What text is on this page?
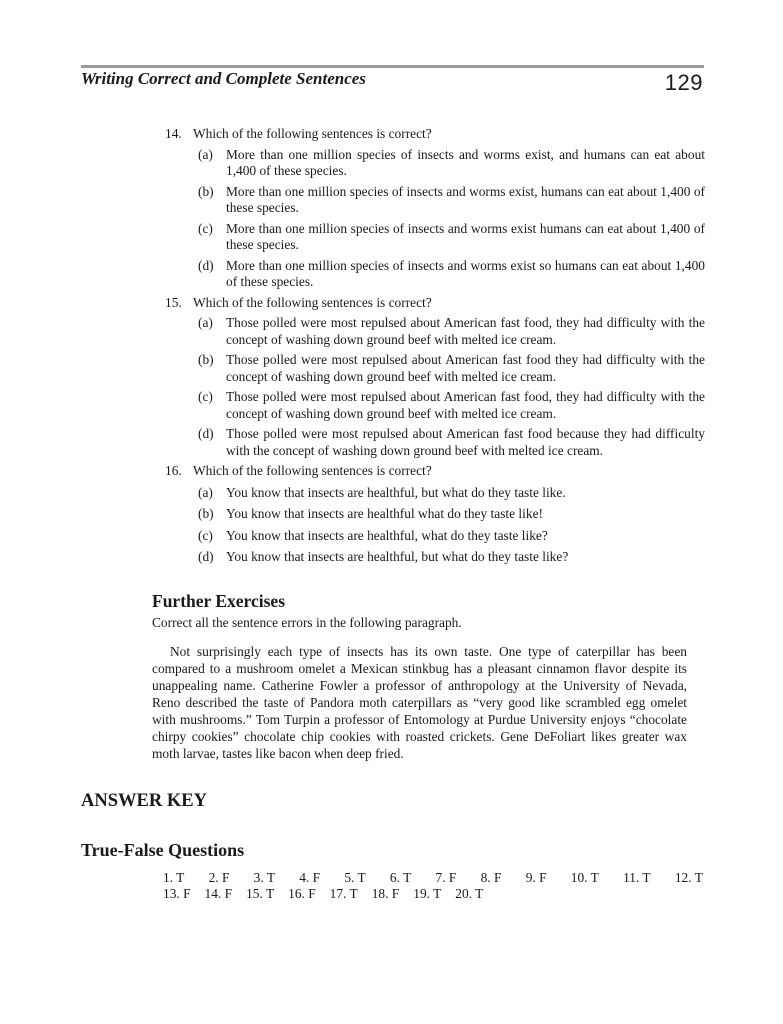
Writing Correct and Complete Sentences	129
14. Which of the following sentences is correct?
(a) More than one million species of insects and worms exist, and humans can eat about 1,400 of these species.
(b) More than one million species of insects and worms exist, humans can eat about 1,400 of these species.
(c) More than one million species of insects and worms exist humans can eat about 1,400 of these species.
(d) More than one million species of insects and worms exist so humans can eat about 1,400 of these species.
15. Which of the following sentences is correct?
(a) Those polled were most repulsed about American fast food, they had difficulty with the concept of washing down ground beef with melted ice cream.
(b) Those polled were most repulsed about American fast food they had difficulty with the concept of washing down ground beef with melted ice cream.
(c) Those polled were most repulsed about American fast food, they had difficulty with the concept of washing down ground beef with melted ice cream.
(d) Those polled were most repulsed about American fast food because they had difficulty with the concept of washing down ground beef with melted ice cream.
16. Which of the following sentences is correct?
(a) You know that insects are healthful, but what do they taste like.
(b) You know that insects are healthful what do they taste like!
(c) You know that insects are healthful, what do they taste like?
(d) You know that insects are healthful, but what do they taste like?
Further Exercises
Correct all the sentence errors in the following paragraph.
Not surprisingly each type of insects has its own taste. One type of caterpillar has been compared to a mushroom omelet a Mexican stinkbug has a pleasant cinnamon flavor despite its unappealing name. Catherine Fowler a professor of anthropology at the University of Nevada, Reno described the taste of Pandora moth caterpillars as “very good like scrambled egg omelet with mushrooms.” Tom Turpin a professor of Entomology at Purdue University enjoys “chocolate chirpy cookies” chocolate chip cookies with roasted crickets. Gene DeFoliart likes greater wax moth larvae, tastes like bacon when deep fried.
ANSWER KEY
True-False Questions
1. T 2. F 3. T 4. F 5. T 6. T 7. F 8. F 9. F 10. T 11. T 12. T
13. F 14. F 15. T 16. F 17. T 18. F 19. T 20. T
